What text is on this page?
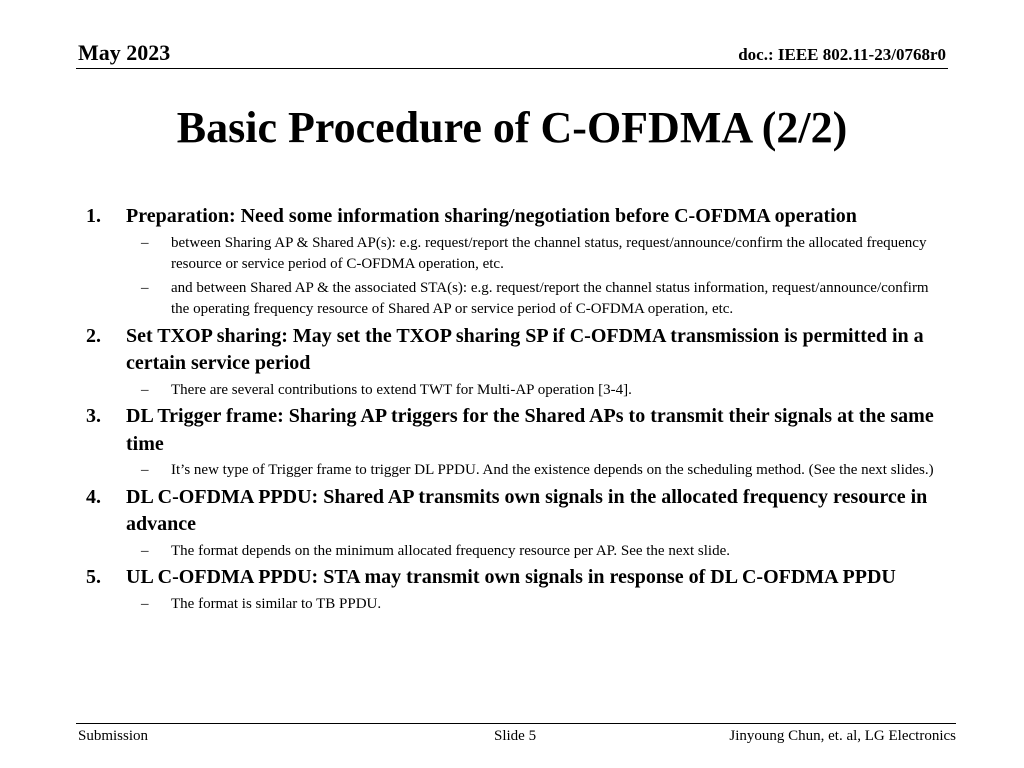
May 2023	doc.: IEEE 802.11-23/0768r0
Basic Procedure of C-OFDMA (2/2)
1. Preparation: Need some information sharing/negotiation before C-OFDMA operation
– between Sharing AP & Shared AP(s): e.g. request/report the channel status, request/announce/confirm the allocated frequency resource or service period of C-OFDMA operation, etc.
– and between Shared AP & the associated STA(s): e.g. request/report the channel status information, request/announce/confirm the operating frequency resource of Shared AP or service period of C-OFDMA operation, etc.
2. Set TXOP sharing: May set the TXOP sharing SP if C-OFDMA transmission is permitted in a certain service period
– There are several contributions to extend TWT for Multi-AP operation [3-4].
3. DL Trigger frame: Sharing AP triggers for the Shared APs to transmit their signals at the same time
– It’s new type of Trigger frame to trigger DL PPDU. And the existence depends on the scheduling method. (See the next slides.)
4. DL C-OFDMA PPDU: Shared AP transmits own signals in the allocated frequency resource in advance
– The format depends on the minimum allocated frequency resource per AP. See the next slide.
5. UL C-OFDMA PPDU: STA may transmit own signals in response of DL C-OFDMA PPDU
– The format is similar to TB PPDU.
Submission	Slide 5	Jinyoung Chun, et. al, LG Electronics
